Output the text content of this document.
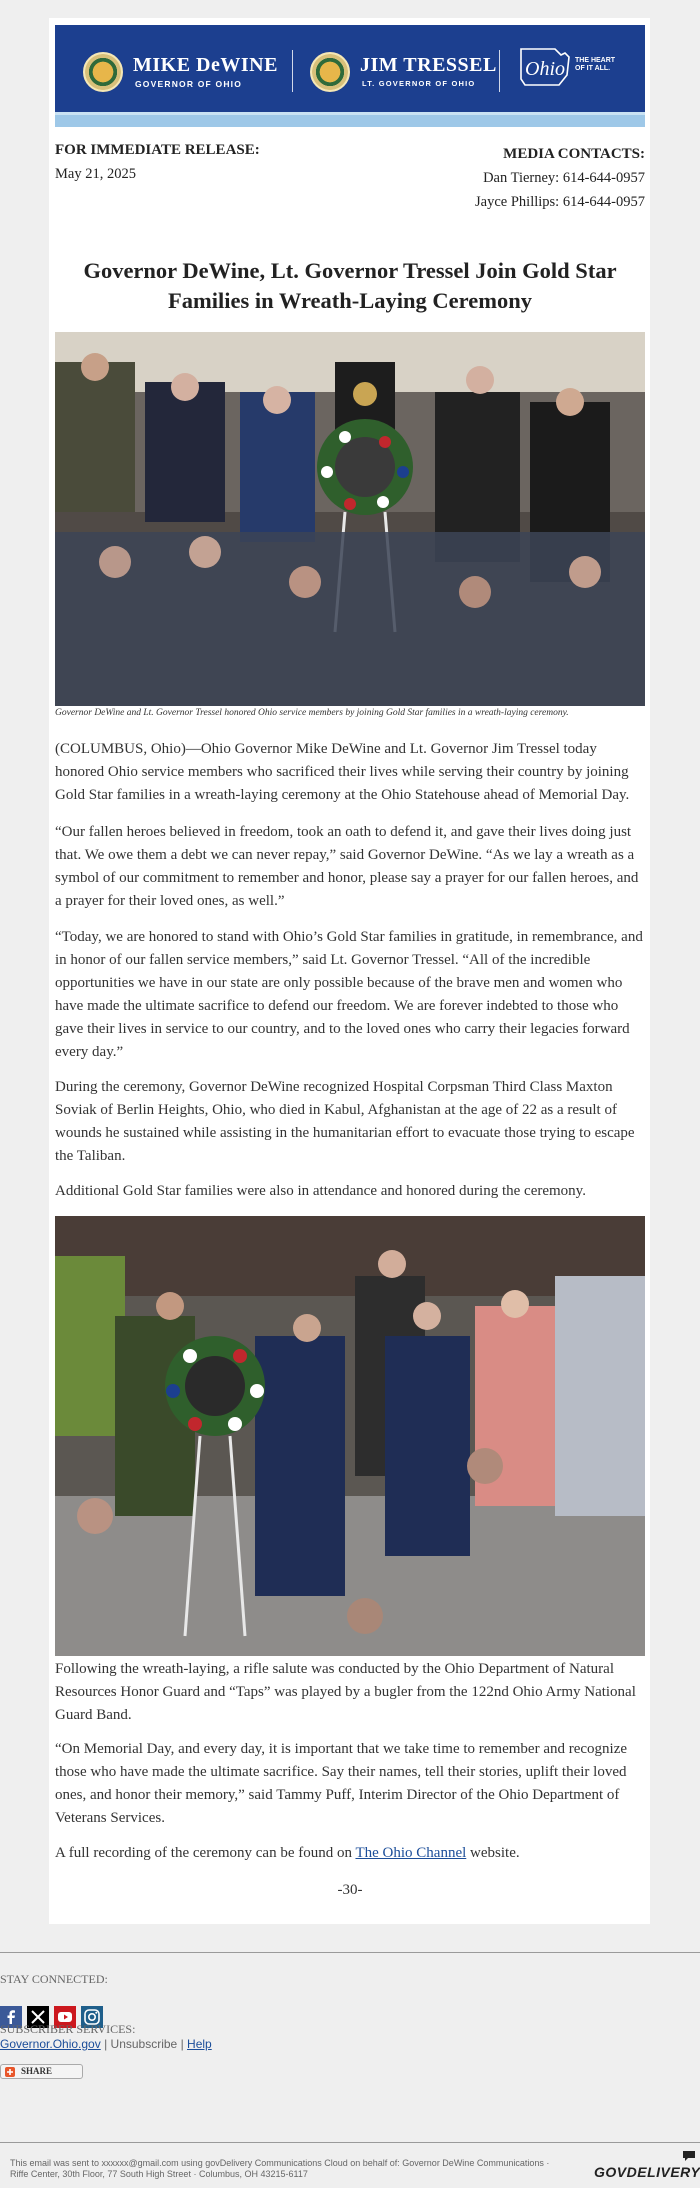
MIKE DeWINE
GOVERNOR OF OHIO
JIM TRESSEL
LT. GOVERNOR OF OHIO
Ohio THE HEART OF IT ALL.
FOR IMMEDIATE RELEASE:
May 21, 2025
MEDIA CONTACTS:
Dan Tierney: 614-644-0957
Jayce Phillips: 614-644-0957
Governor DeWine, Lt. Governor Tressel Join Gold Star Families in Wreath-Laying Ceremony
Governor DeWine and Lt. Governor Tressel honored Ohio service members by joining Gold Star families in a wreath-laying ceremony.
(COLUMBUS, Ohio)—Ohio Governor Mike DeWine and Lt. Governor Jim Tressel today honored Ohio service members who sacrificed their lives while serving their country by joining Gold Star families in a wreath-laying ceremony at the Ohio Statehouse ahead of Memorial Day.
“Our fallen heroes believed in freedom, took an oath to defend it, and gave their lives doing just that. We owe them a debt we can never repay,” said Governor DeWine. “As we lay a wreath as a symbol of our commitment to remember and honor, please say a prayer for our fallen heroes, and a prayer for their loved ones, as well.”
“Today, we are honored to stand with Ohio’s Gold Star families in gratitude, in remembrance, and in honor of our fallen service members,” said Lt. Governor Tressel. “All of the incredible opportunities we have in our state are only possible because of the brave men and women who have made the ultimate sacrifice to defend our freedom. We are forever indebted to those who gave their lives in service to our country, and to the loved ones who carry their legacies forward every day.”
During the ceremony, Governor DeWine recognized Hospital Corpsman Third Class Maxton Soviak of Berlin Heights, Ohio, who died in Kabul, Afghanistan at the age of 22 as a result of wounds he sustained while assisting in the humanitarian effort to evacuate those trying to escape the Taliban.
Additional Gold Star families were also in attendance and honored during the ceremony.
Following the wreath-laying, a rifle salute was conducted by the Ohio Department of Natural Resources Honor Guard and “Taps” was played by a bugler from the 122nd Ohio Army National Guard Band.
“On Memorial Day, and every day, it is important that we take time to remember and recognize those who have made the ultimate sacrifice. Say their names, tell their stories, uplift their loved ones, and honor their memory,” said Tammy Puff, Interim Director of the Ohio Department of Veterans Services.
A full recording of the ceremony can be found on The Ohio Channel website.
-30-
STAY CONNECTED:
SUBSCRIBER SERVICES:
Governor.Ohio.gov | Unsubscribe | Help
SHARE
This email was sent to xxxxxx@gmail.com using govDelivery Communications Cloud on behalf of: Governor DeWine Communications · Riffe Center, 30th Floor, 77 South High Street · Columbus, OH 43215-6117	GOVDELIVERY
